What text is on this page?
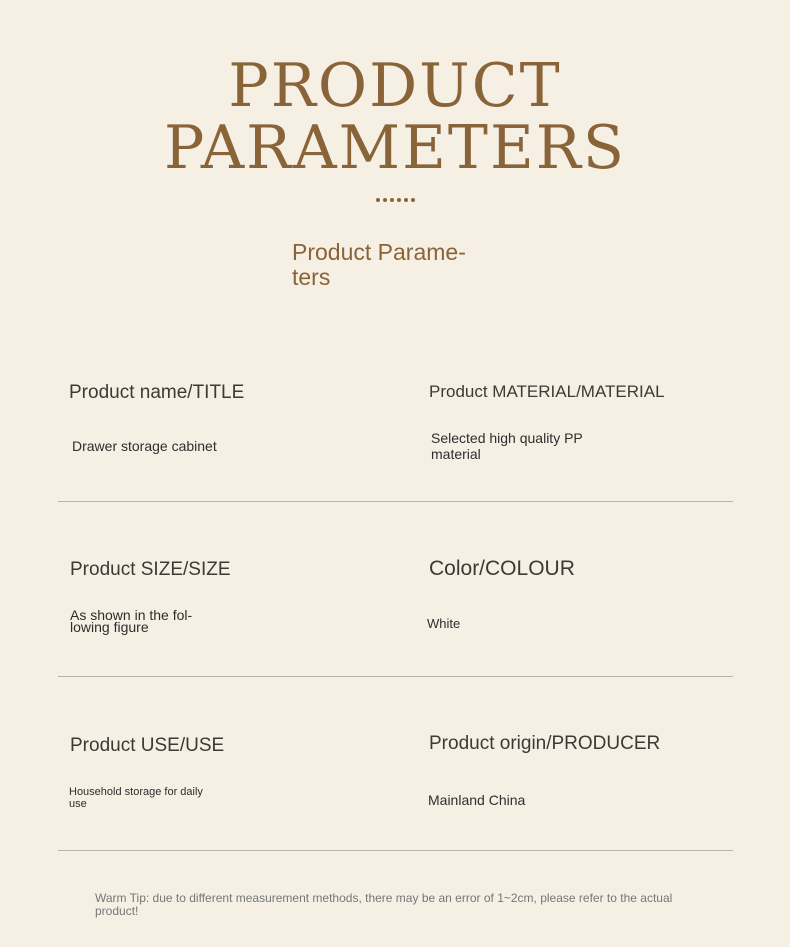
PRODUCT
PARAMETERS
Product Parame-ters
Product name/TITLE
Drawer storage cabinet
Product MATERIAL/MATERIAL
Selected high quality PP material
Product SIZE/SIZE
As shown in the fol-lowing figure
Color/COLOUR
White
Product USE/USE
Household storage for daily use
Product origin/PRODUCER
Mainland China
Warm Tip: due to different measurement methods, there may be an error of 1~2cm, please refer to the actual product!
